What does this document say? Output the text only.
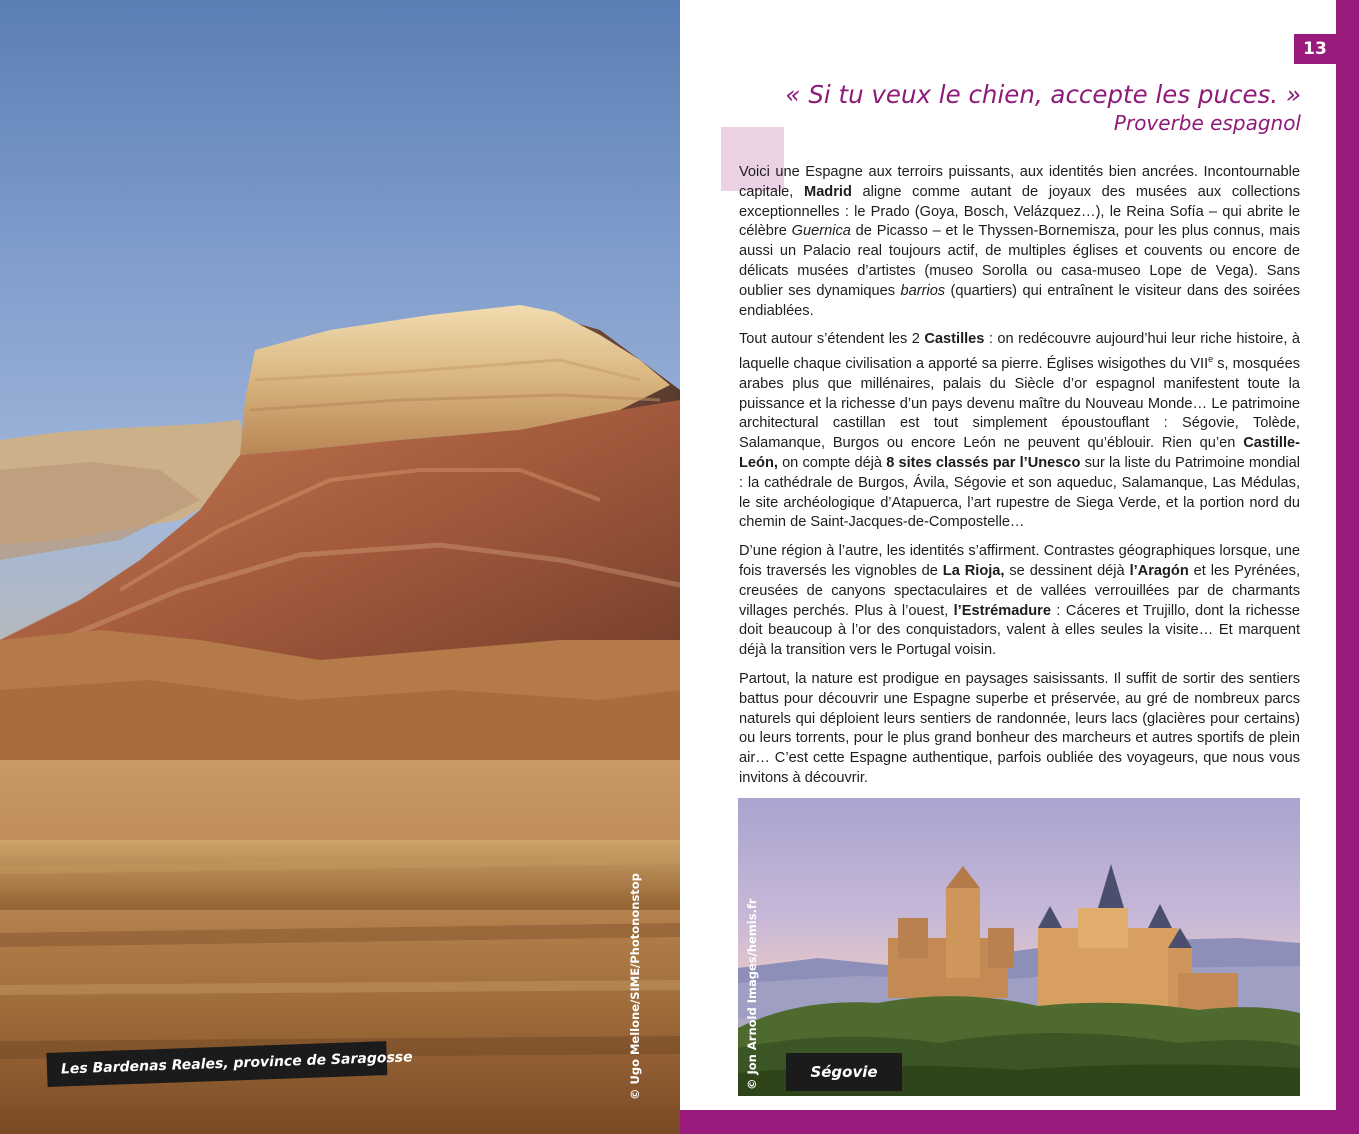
Les Bardenas Reales, province de Saragosse	© Ugo Mellone/SIME/Photononstop
13
« Si tu veux le chien, accepte les puces. »
Proverbe espagnol

Voici une Espagne aux terroirs puissants, aux identités bien ancrées. Incontournable capitale, Madrid aligne comme autant de joyaux des musées aux collections exceptionnelles : le Prado (Goya, Bosch, Velázquez…), le Reina Sofía – qui abrite le célèbre Guernica de Picasso – et le Thyssen-Bornemisza, pour les plus connus, mais aussi un Palacio real toujours actif, de multiples églises et couvents ou encore de délicats musées d’artistes (museo Sorolla ou casa-museo Lope de Vega). Sans oublier ses dynamiques barrios (quartiers) qui entraînent le visiteur dans des soirées endiablées.

Tout autour s’étendent les 2 Castilles : on redécouvre aujourd’hui leur riche histoire, à laquelle chaque civilisation a apporté sa pierre. Églises wisigothes du VIIe s, mosquées arabes plus que millénaires, palais du Siècle d’or espagnol manifestent toute la puissance et la richesse d’un pays devenu maître du Nouveau Monde… Le patrimoine architectural castillan est tout simplement époustouflant : Ségovie, Tolède, Salamanque, Burgos ou encore León ne peuvent qu’éblouir. Rien qu’en Castille-León, on compte déjà 8 sites classés par l’Unesco sur la liste du Patrimoine mondial : la cathédrale de Burgos, Ávila, Ségovie et son aqueduc, Salamanque, Las Médulas, le site archéologique d’Atapuerca, l’art rupestre de Siega Verde, et la portion nord du chemin de Saint-Jacques-de-Compostelle…

D’une région à l’autre, les identités s’affirment. Contrastes géographiques lorsque, une fois traversés les vignobles de La Rioja, se dessinent déjà l’Aragón et les Pyrénées, creusées de canyons spectaculaires et de vallées verrouillées par de charmants villages perchés. Plus à l’ouest, l’Estrémadure : Cáceres et Trujillo, dont la richesse doit beaucoup à l’or des conquistadors, valent à elles seules la visite… Et marquent déjà la transition vers le Portugal voisin.

Partout, la nature est prodigue en paysages saisissants. Il suffit de sortir des sentiers battus pour découvrir une Espagne superbe et préservée, au gré de nombreux parcs naturels qui déploient leurs sentiers de randonnée, leurs lacs (glacières pour certains) ou leurs torrents, pour le plus grand bonheur des marcheurs et autres sportifs de plein air… C’est cette Espagne authentique, parfois oubliée des voyageurs, que nous vous invitons à découvrir.

Ségovie
© Jon Arnold Images/hemis.fr
